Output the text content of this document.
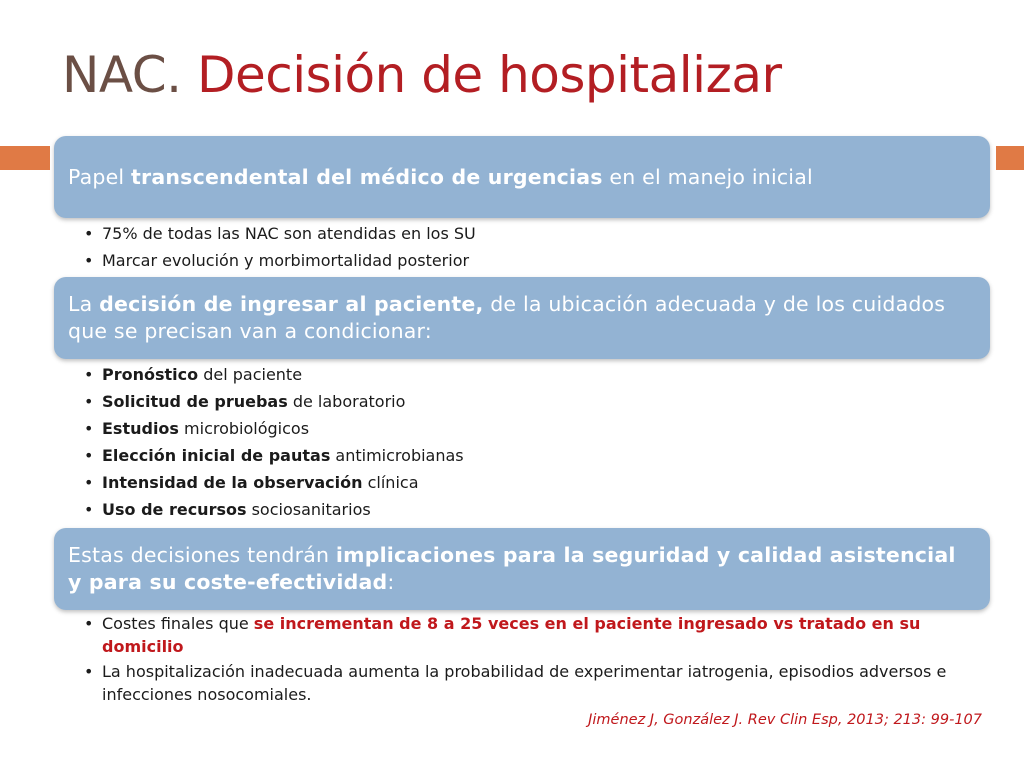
NAC. Decisión de hospitalizar
Papel transcendental del médico de urgencias en el manejo inicial
• 75% de todas las NAC son atendidas en los SU
• Marcar evolución y morbimortalidad posterior
La decisión de ingresar al paciente, de la ubicación adecuada y de los cuidados que se precisan van a condicionar:
• Pronóstico del paciente
• Solicitud de pruebas de laboratorio
• Estudios microbiológicos
• Elección inicial de pautas antimicrobianas
• Intensidad de la observación clínica
• Uso de recursos sociosanitarios
Estas decisiones tendrán implicaciones para la seguridad y calidad asistencial y para su coste-efectividad:
• Costes finales que se incrementan de 8 a 25 veces en el paciente ingresado vs tratado en su domicilio
• La hospitalización inadecuada aumenta la probabilidad de experimentar iatrogenia, episodios adversos e infecciones nosocomiales.
Jiménez J, González J. Rev Clin Esp, 2013; 213: 99-107
